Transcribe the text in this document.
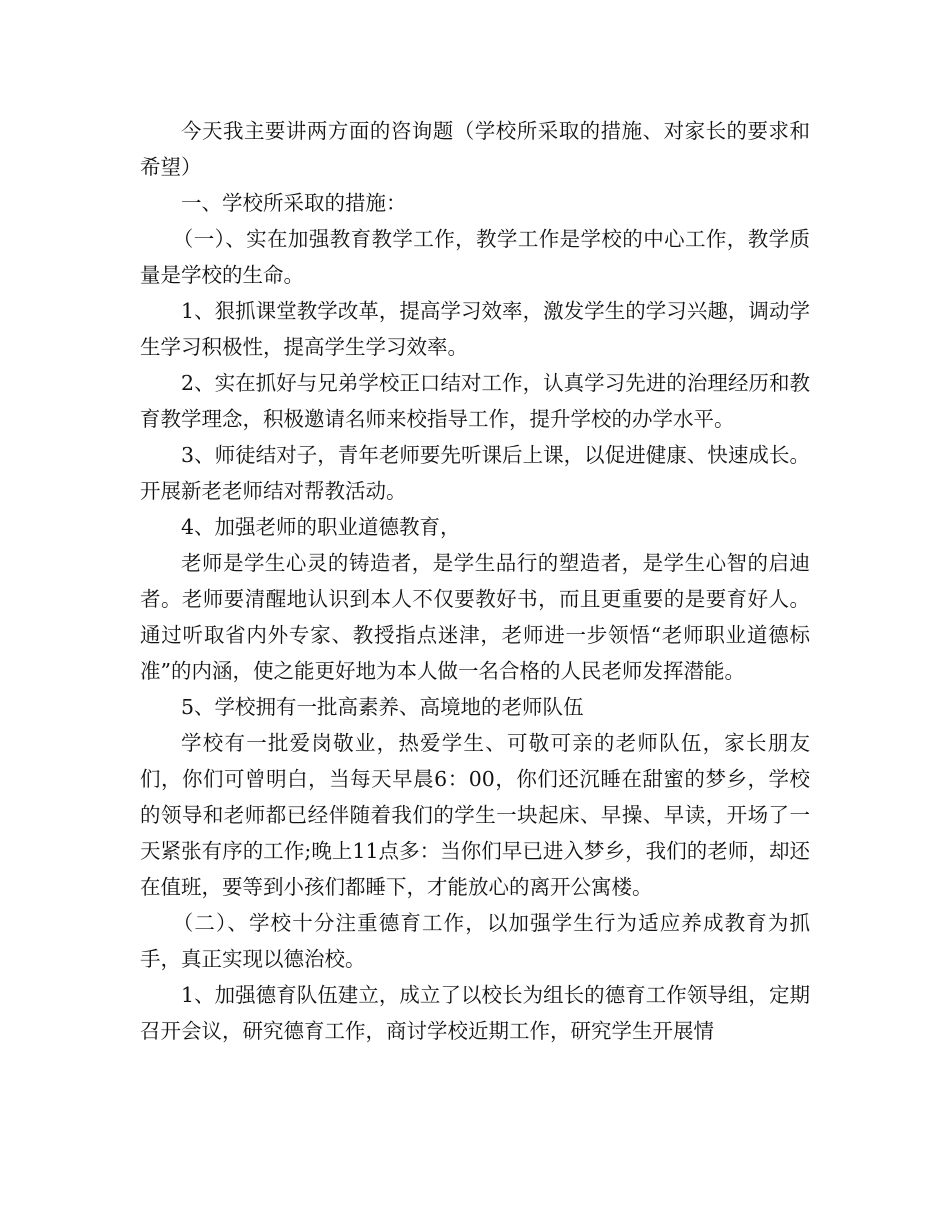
今天我主要讲两方面的咨询题（学校所采取的措施、对家长的要求和希望）

一、学校所采取的措施：

（一）、实在加强教育教学工作，教学工作是学校的中心工作，教学质量是学校的生命。

1、狠抓课堂教学改革，提高学习效率，激发学生的学习兴趣，调动学生学习积极性，提高学生学习效率。

2、实在抓好与兄弟学校正口结对工作，认真学习先进的治理经历和教育教学理念，积极邀请名师来校指导工作，提升学校的办学水平。

3、师徒结对子，青年老师要先听课后上课，以促进健康、快速成长。开展新老老师结对帮教活动。

4、加强老师的职业道德教育，

老师是学生心灵的铸造者，是学生品行的塑造者，是学生心智的启迪者。老师要清醒地认识到本人不仅要教好书，而且更重要的是要育好人。通过听取省内外专家、教授指点迷津，老师进一步领悟“老师职业道德标准”的内涵，使之能更好地为本人做一名合格的人民老师发挥潜能。

5、学校拥有一批高素养、高境地的老师队伍

学校有一批爱岗敬业，热爱学生、可敬可亲的老师队伍，家长朋友们，你们可曾明白，当每天早晨6：00，你们还沉睡在甜蜜的梦乡，学校的领导和老师都已经伴随着我们的学生一块起床、早操、早读，开场了一天紧张有序的工作;晚上11点多：当你们早已进入梦乡，我们的老师，却还在值班，要等到小孩们都睡下，才能放心的离开公寓楼。

（二）、学校十分注重德育工作，以加强学生行为适应养成教育为抓手，真正实现以德治校。

1、加强德育队伍建立，成立了以校长为组长的德育工作领导组，定期召开会议，研究德育工作，商讨学校近期工作，研究学生开展情
